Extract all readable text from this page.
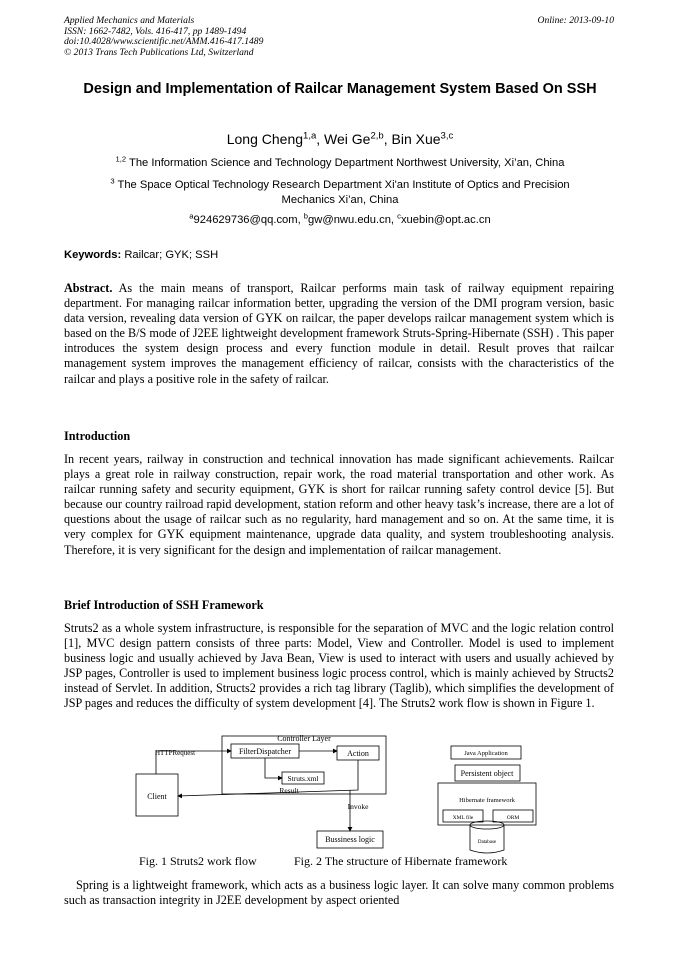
Applied Mechanics and Materials
ISSN: 1662-7482, Vols. 416-417, pp 1489-1494
doi:10.4028/www.scientific.net/AMM.416-417.1489
© 2013 Trans Tech Publications Ltd, Switzerland
Online: 2013-09-10
Design and Implementation of Railcar Management System Based On SSH
Long Cheng$^{1,a}$, Wei Ge$^{2,b}$, Bin Xue$^{3,c}$
$^{1,2}$ The Information Science and Technology Department Northwest University, Xi’an, China
$^3$ The Space Optical Technology Research Department Xi'an Institute of Optics and Precision Mechanics Xi’an, China
$^a$924629736@qq.com, $^b$gw@nwu.edu.cn, $^c$xuebin@opt.ac.cn
Keywords: Railcar; GYK; SSH
Abstract. As the main means of transport, Railcar performs main task of railway equipment repairing department. For managing railcar information better, upgrading the version of the DMI program version, basic data version, revealing data version of GYK on railcar, the paper develops railcar management system which is based on the B/S mode of J2EE lightweight development framework Struts-Spring-Hibernate (SSH) . This paper introduces the system design process and every function module in detail. Result proves that railcar management system improves the management efficiency of railcar, consists with the characteristics of the railcar and plays a positive role in the safety of railcar.
Introduction
In recent years, railway in construction and technical innovation has made significant achievements. Railcar plays a great role in railway construction, repair work, the road material transportation and other work. As railcar running safety and security equipment, GYK is short for railcar running safety control device [5]. But because our country railroad rapid development, station reform and other heavy task’s increase, there are a lot of questions about the usage of railcar such as no regularity, hard management and so on. At the same time, it is very complex for GYK equipment maintenance, upgrade data quality, and system troubleshooting analysis. Therefore, it is very significant for the design and implementation of railcar management.
Brief Introduction of SSH Framework
Struts2 as a whole system infrastructure, is responsible for the separation of MVC and the logic relation control [1], MVC design pattern consists of three parts: Model, View and Controller. Model is used to implement business logic and usually achieved by Java Bean, View is used to interact with users and usually achieved by JSP pages, Controller is used to implement business logic process control, which is mainly achieved by Structs2 instead of Servlet. In addition, Structs2 provides a rich tag library (Taglib), which simplifies the development of JSP pages and reduces the difficulty of system development [4]. The Struts2 work flow is shown in Figure 1.
Controller Layer
HTTPRequest	FilterDispatcher	Action
Struts.xml
Result
Client
Invoke
Bussiness logic
Java Application
Persistent object
Hibernate framework
XML file	ORM
Database
Fig. 1 Struts2 work flow	Fig. 2 The structure of Hibernate framework
Spring is a lightweight framework, which acts as a business logic layer. It can solve many common problems such as transaction integrity in J2EE development by aspect oriented
